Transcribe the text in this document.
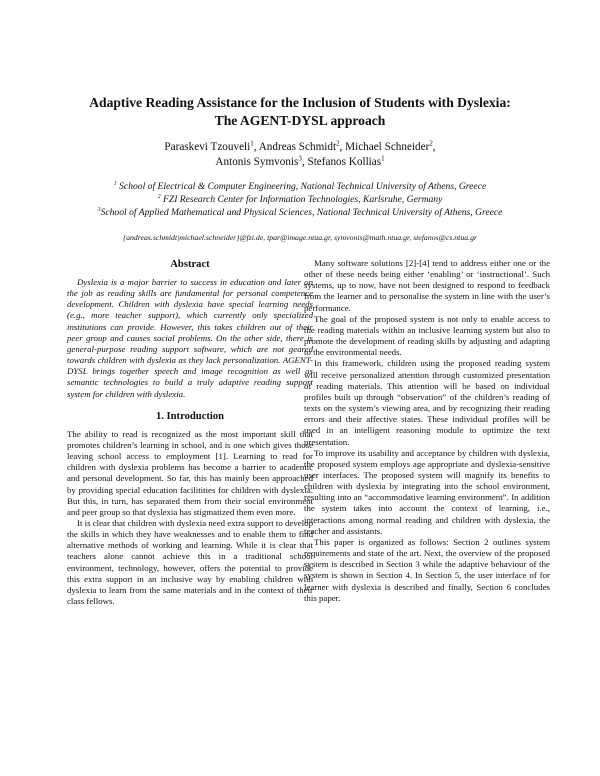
Adaptive Reading Assistance for the Inclusion of Students with Dyslexia:
The AGENT-DYSL approach
Paraskevi Tzouveli$^1$, Andreas Schmidt$^2$, Michael Schneider$^2$,
Antonis Symvonis$^3$, Stefanos Kollias$^1$
$^1$ School of Electrical & Computer Engineering, National Technical University of Athens, Greece
$^2$ FZI Research Center for Information Technologies, Karlsruhe, Germany
$^3$School of Applied Mathematical and Physical Sciences, National Technical University of Athens, Greece
{andreas.schmidt|michael.schneider}@fzi.de, tpar@image.ntua.gr, symvonis@math.ntua.gr, stefanos@cs.ntua.gr
Abstract

Dyslexia is a major barrier to success in education and later on the job as reading skills are fundamental for personal competence development. Children with dyslexia have special learning needs (e.g., more teacher support), which currently only specialized institutions can provide. However, this takes children out of their peer group and causes social problems. On the other side, there is general-purpose reading support software, which are not geared towards children with dyslexia as they lack personalization. AGENT-DYSL brings together speech and image recognition as well as semantic technologies to build a truly adaptive reading support system for children with dyslexia.

1. Introduction

The ability to read is recognized as the most important skill that promotes children’s learning in school, and is one which gives those leaving school access to employment [1]. Learning to read for children with dyslexia problems has become a barrier to academic and personal development. So far, this has mainly been approached by providing special education facilitities for children with dyslexia. But this, in turn, has separated them from their social environment and peer group so that dyslexia has stigmatized them even more.

It is clear that children with dyslexia need extra support to develop the skills in which they have weaknesses and to enable them to find alternative methods of working and learning. While it is clear that teachers alone cannot achieve this in a traditional school environment, technology, however, offers the potential to provide this extra support in an inclusive way by enabling children with dyslexia to learn from the same materials and in the context of their class fellows.

Many software solutions [2]-[4] tend to address either one or the other of these needs being either ‘enabling’ or ‘instructional’. Such systems, up to now, have not been designed to respond to feedback from the learner and to personalise the system in line with the user’s performance.

The goal of the proposed system is not only to enable access to the reading materials within an inclusive learning system but also to promote the development of reading skills by adjusting and adapting to the environmental needs.

In this framework, children using the proposed reading system will receive personalized attention through customized presentation of reading materials. This attention will be based on individual profiles built up through “observation” of the children’s reading of texts on the system’s viewing area, and by recognizing their reading errors and their affective states. These individual profiles will be used in an intelligent reasoning module to optimize the text presentation.

To improve its usability and acceptance by children with dyslexia, the proposed system employs age appropriate and dyslexia-sensitive user interfaces. The proposed system will magnify its benefits to children with dyslexia by integrating into the school environment, resulting into an “accommodative learning environment”. In addition the system takes into account the context of learning, i.e., interactions among normal reading and children with dyslexia, the teacher and assistants.

This paper is organized as follows: Section 2 outlines system requirements and state of the art. Next, the overview of the proposed system is described in Section 3 while the adaptive behaviour of the system is shown in Section 4. In Section 5, the user interface of for learner with dyslexia is described and finally, Section 6 concludes this paper.
